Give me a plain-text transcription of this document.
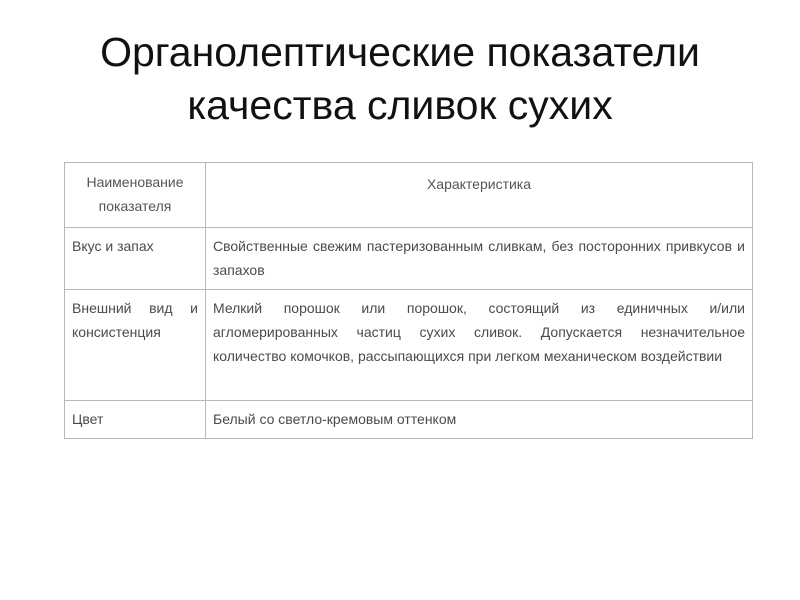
Органолептические показатели
качества сливок сухих
Наименование показателя	Характеристика
Вкус и запах	Свойственные свежим пастеризованным сливкам, без посторонних привкусов и запахов
Внешний вид и консистенция	Мелкий порошок или порошок, состоящий из единичных и/или агломерированных частиц сухих сливок. Допускается незначительное количество комочков, рассыпающихся при легком механическом воздействии
Цвет	Белый со светло-кремовым оттенком
